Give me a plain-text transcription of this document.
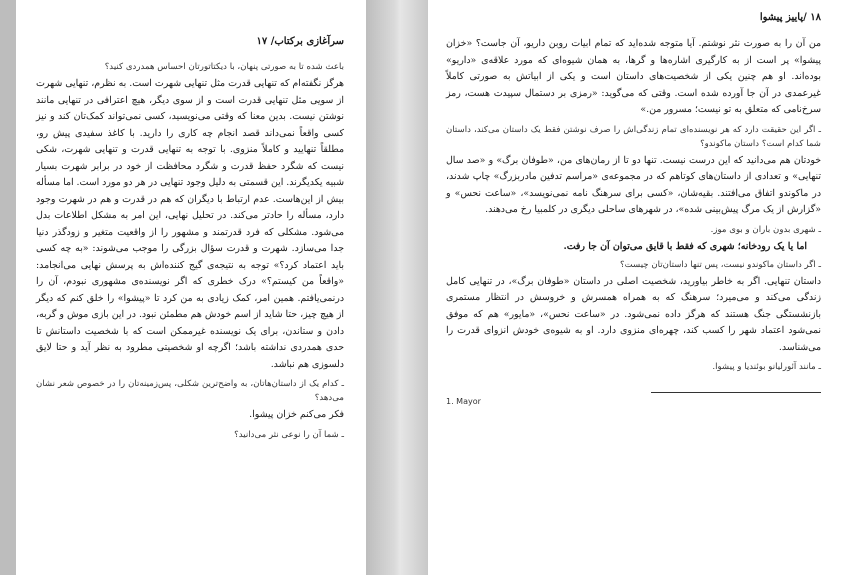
سرآغازی برکتاب/ ۱۷

باعث شده تا به صورتی پنهان، با دیکتاتورتان احساس همدردی کنید؟

هرگز نگفته‌ام که تنهایی قدرت مثل تنهایی شهرت است. به نظرم، تنهایی شهرت از سویی مثل تنهایی قدرت است و از سوی دیگر، هیچ اعترافی در تنهایی مانند نوشتن نیست. بدین معنا که وقتی می‌نویسید، کسی نمی‌تواند کمک‌تان کند و نیز کسی واقعاً نمی‌داند قصد انجام چه کاری را دارید. با کاغذ سفیدی پیش رو، مطلقاً تنهایید و کاملاً منزوی. با توجه به تنهایی قدرت و تنهایی شهرت، شکی نیست که شگرد حفظ قدرت و شگرد محافظت از خود در برابر شهرت بسیار شبیه یکدیگرند. این قسمتی به دلیل وجود تنهایی در هر دو مورد است. اما مسأله بیش از این‌هاست. عدم ارتباط با دیگران که هم در قدرت و هم در شهرت وجود دارد، مسأله را حادتر می‌کند. در تحلیل نهایی، این امر به مشکل اطلاعات بدل می‌شود. مشکلی که فرد قدرتمند و مشهور را از واقعیت متغیر و زودگذر دنیا جدا می‌سازد. شهرت و قدرت سؤال بزرگی را موجب می‌شوند: «به چه کسی باید اعتماد کرد؟» توجه به نتیجه‌ی گیج کننده‌اش به پرسش نهایی می‌انجامد: «واقعاً من کیستم؟» درک خطری که اگر نویسنده‌ی مشهوری نبودم، آن را درنمی‌یافتم. همین امر، کمک زیادی به من کرد تا «پیشوا» را خلق کنم که دیگر از هیچ چیز، حتا شاید از اسم خودش هم مطمئن نبود. در این بازی موش و گربه، دادن و ستاندن، برای یک نویسنده غیرممکن است که با شخصیت داستانش تا حدی همدردی نداشته باشد؛ اگرچه او شخصیتی مطرود به نظر آید و حتا لایق دلسوزی هم نباشد.

ـ کدام یک از داستان‌هاتان، به واضح‌ترین شکلی، پس‌زمینه‌تان را در خصوص شعر نشان می‌دهد؟

فکر می‌کنم خزان پیشوا.

ـ شما آن را نوعی نثر می‌دانید؟

۱۸ /پاییز پیشوا

من آن را به صورت نثر نوشتم. آیا متوجه شده‌اید که تمام ابیات روبن داریو، آن جاست؟ «خزان پیشوا» پر است از به کارگیری اشاره‌ها و گرها، به همان شیوه‌ای که مورد علاقه‌ی «داریو» بوده‌اند. او هم چنین یکی از شخصیت‌های داستان است و یکی از ابیاتش به صورتی کاملاً غیرعمدی در آن جا آورده شده است. وقتی که می‌گوید: «رمزی بر دستمال سپیدت هست، رمز سرخ‌نامی که متعلق به تو نیست؛ مسرور من.»

ـ اگر این حقیقت دارد که هر نویسنده‌ای تمام زندگی‌اش را صرف نوشتن فقط یک داستان می‌کند، داستان شما کدام است؟ داستان ماکوندو؟

خودتان هم می‌دانید که این درست نیست. تنها دو تا از رمان‌های من، «طوفان برگ» و «صد سال تنهایی» و تعدادی از داستان‌های کوتاهم که در مجموعه‌ی «مراسم تدفین مادربزرگ» چاپ شدند، در ماکوندو اتفاق می‌افتند. بقیه‌شان، «کسی برای سرهنگ نامه نمی‌نویسد»، «ساعت نحس» و «گزارش از یک مرگ پیش‌بینی شده»، در شهرهای ساحلی دیگری در کلمبیا رخ می‌دهند.

ـ شهری بدون باران و بوی موز.

اما یا یک رودخانه؛ شهری که فقط با قایق می‌توان آن جا رفت.

ـ اگر داستان ماکوندو نیست، پس تنها داستان‌تان چیست؟

داستان تنهایی. اگر به خاطر بیاورید، شخصیت اصلی در داستان «طوفان برگ»، در تنهایی کامل زندگی می‌کند و می‌میرد؛ سرهنگ که به همراه همسرش و خروسش در انتظار مستمری بازنشستگی جنگ هستند که هرگز داده نمی‌شود. در «ساعت نحس»، «مایور» هم که موفق نمی‌شود اعتماد شهر را کسب کند، چهره‌ای منزوی دارد. او به شیوه‌ی خودش انزوای قدرت را می‌شناسد.

ـ مانند آئورلیانو بوئندیا و پیشوا.

1. Mayor
